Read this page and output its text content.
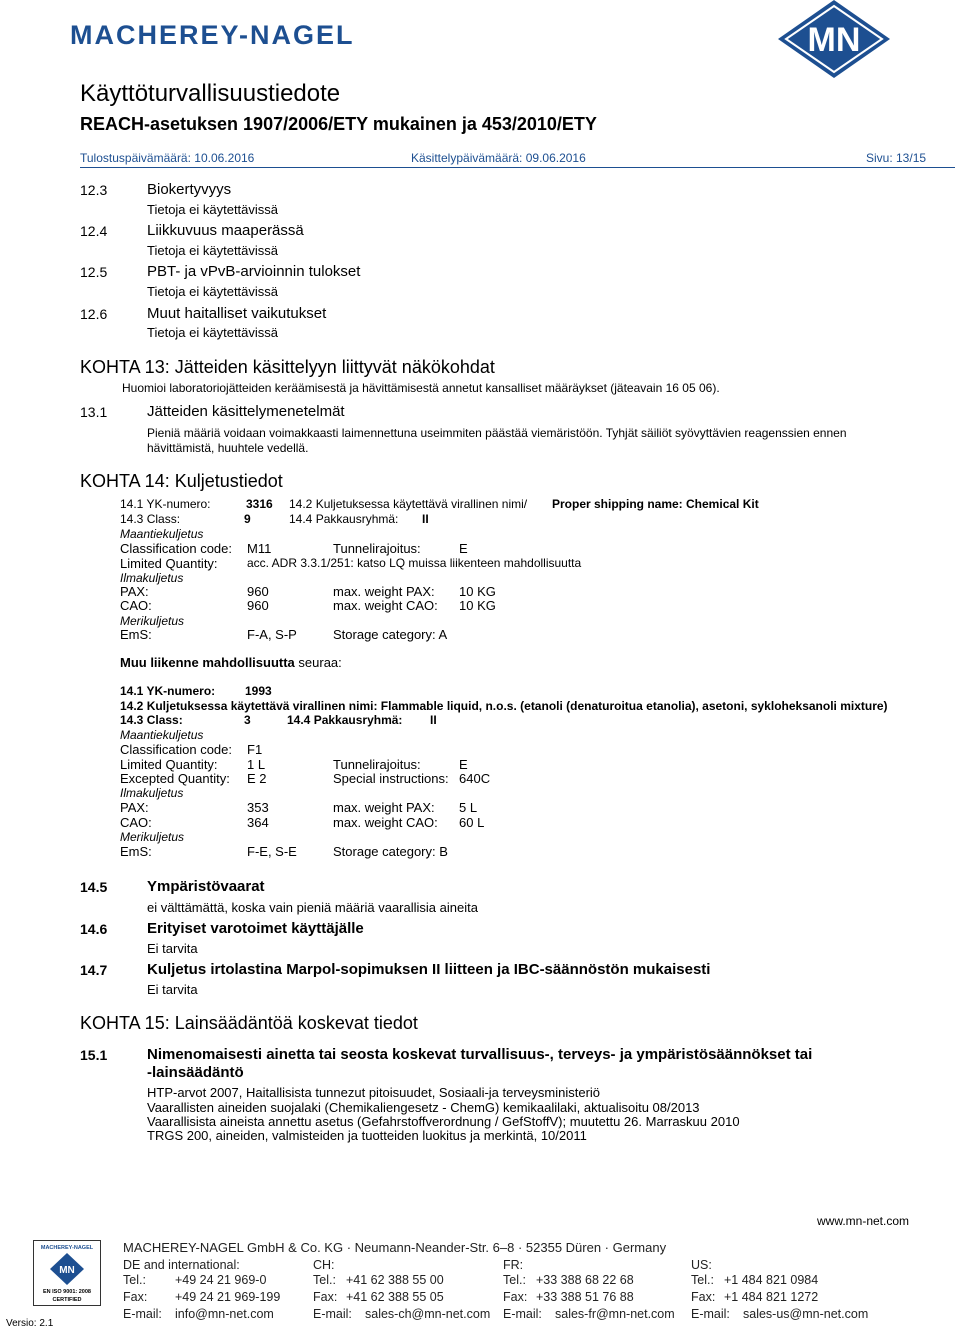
MACHEREY-NAGEL	MN
Käyttöturvallisuustiedote
REACH-asetuksen 1907/2006/ETY mukainen ja 453/2010/ETY
Tulostuspäivämäärä: 10.06.2016	Käsittelypäivämäärä: 09.06.2016	Sivu: 13/15
12.3	Biokertyvyys
Tietoja ei käytettävissä
12.4	Liikkuvuus maaperässä
Tietoja ei käytettävissä
12.5	PBT- ja vPvB-arvioinnin tulokset
Tietoja ei käytettävissä
12.6	Muut haitalliset vaikutukset
Tietoja ei käytettävissä
KOHTA 13: Jätteiden käsittelyyn liittyvät näkökohdat
Huomioi laboratoriojätteiden keräämisestä ja hävittämisestä annetut kansalliset määräykset (jäteavain 16 05 06).
13.1	Jätteiden käsittelymenetelmät
Pieniä määriä voidaan voimakkaasti laimennettuna useimmiten päästää viemäristöön. Tyhjät säiliöt syövyttävien reagenssien ennen
hävittämistä, huuhtele vedellä.
KOHTA 14: Kuljetustiedot
14.1 YK-numero:	3316 14.2 Kuljetuksessa käytettävä virallinen nimi/ Proper shipping name: Chemical Kit
14.3 Class:	9	14.4 Pakkausryhmä: II
Maantiekuljetus
Classification code: M11	Tunnelirajoitus:	E
Limited Quantity: acc. ADR 3.3.1/251: katso LQ muissa liikenteen mahdollisuutta
Ilmakuljetus
PAX:	960	max. weight PAX: 10 KG
CAO:	960	max. weight CAO: 10 KG
Merikuljetus
EmS:	F-A, S-P	Storage category: A
Muu liikenne mahdollisuutta seuraa:
14.1 YK-numero: 1993
14.2 Kuljetuksessa käytettävä virallinen nimi: Flammable liquid, n.o.s. (etanoli (denaturoitua etanolia), asetoni, sykloheksanoli mixture)
14.3 Class:	3	14.4 Pakkausryhmä: II
Maantiekuljetus
Classification code: F1
Limited Quantity: 1 L	Tunnelirajoitus:	E
Excepted Quantity: E 2	Special instructions: 640C
Ilmakuljetus
PAX:	353	max. weight PAX: 5 L
CAO:	364	max. weight CAO: 60 L
Merikuljetus
EmS:	F-E, S-E	Storage category: B
14.5	Ympäristövaarat
ei välttämättä, koska vain pieniä määriä vaarallisia aineita
14.6	Erityiset varotoimet käyttäjälle
Ei tarvita
14.7	Kuljetus irtolastina Marpol-sopimuksen II liitteen ja IBC-säännöstön mukaisesti
Ei tarvita
KOHTA 15: Lainsäädäntöä koskevat tiedot
15.1	Nimenomaisesti ainetta tai seosta koskevat turvallisuus-, terveys- ja ympäristösäännökset tai
-lainsäädäntö
HTP-arvot 2007, Haitallisista tunnezut pitoisuudet, Sosiaali-ja terveysministeriö
Vaarallisten aineiden suojalaki (Chemikaliengesetz - ChemG) kemikaalilaki, aktualisoitu 08/2013
Vaarallisista aineista annettu asetus (Gefahrstoffverordnung / GefStoffV); muutettu 26. Marraskuu 2010
TRGS 200, aineiden, valmisteiden ja tuotteiden luokitus ja merkintä, 10/2011
www.mn-net.com
MACHEREY-NAGEL
MN
EN ISO 9001: 2008
CERTIFIED
Versio: 2.1
MACHEREY-NAGEL GmbH & Co. KG · Neumann-Neander-Str. 6–8 · 52355 Düren · Germany
DE and international:
Tel.: +49 24 21 969-0
Fax: +49 24 21 969-199
E-mail: info@mn-net.com
CH:
Tel.: +41 62 388 55 00
Fax: +41 62 388 55 05
E-mail: sales-ch@mn-net.com
FR:
Tel.: +33 388 68 22 68
Fax: +33 388 51 76 88
E-mail: sales-fr@mn-net.com
US:
Tel.: +1 484 821 0984
Fax: +1 484 821 1272
E-mail: sales-us@mn-net.com
